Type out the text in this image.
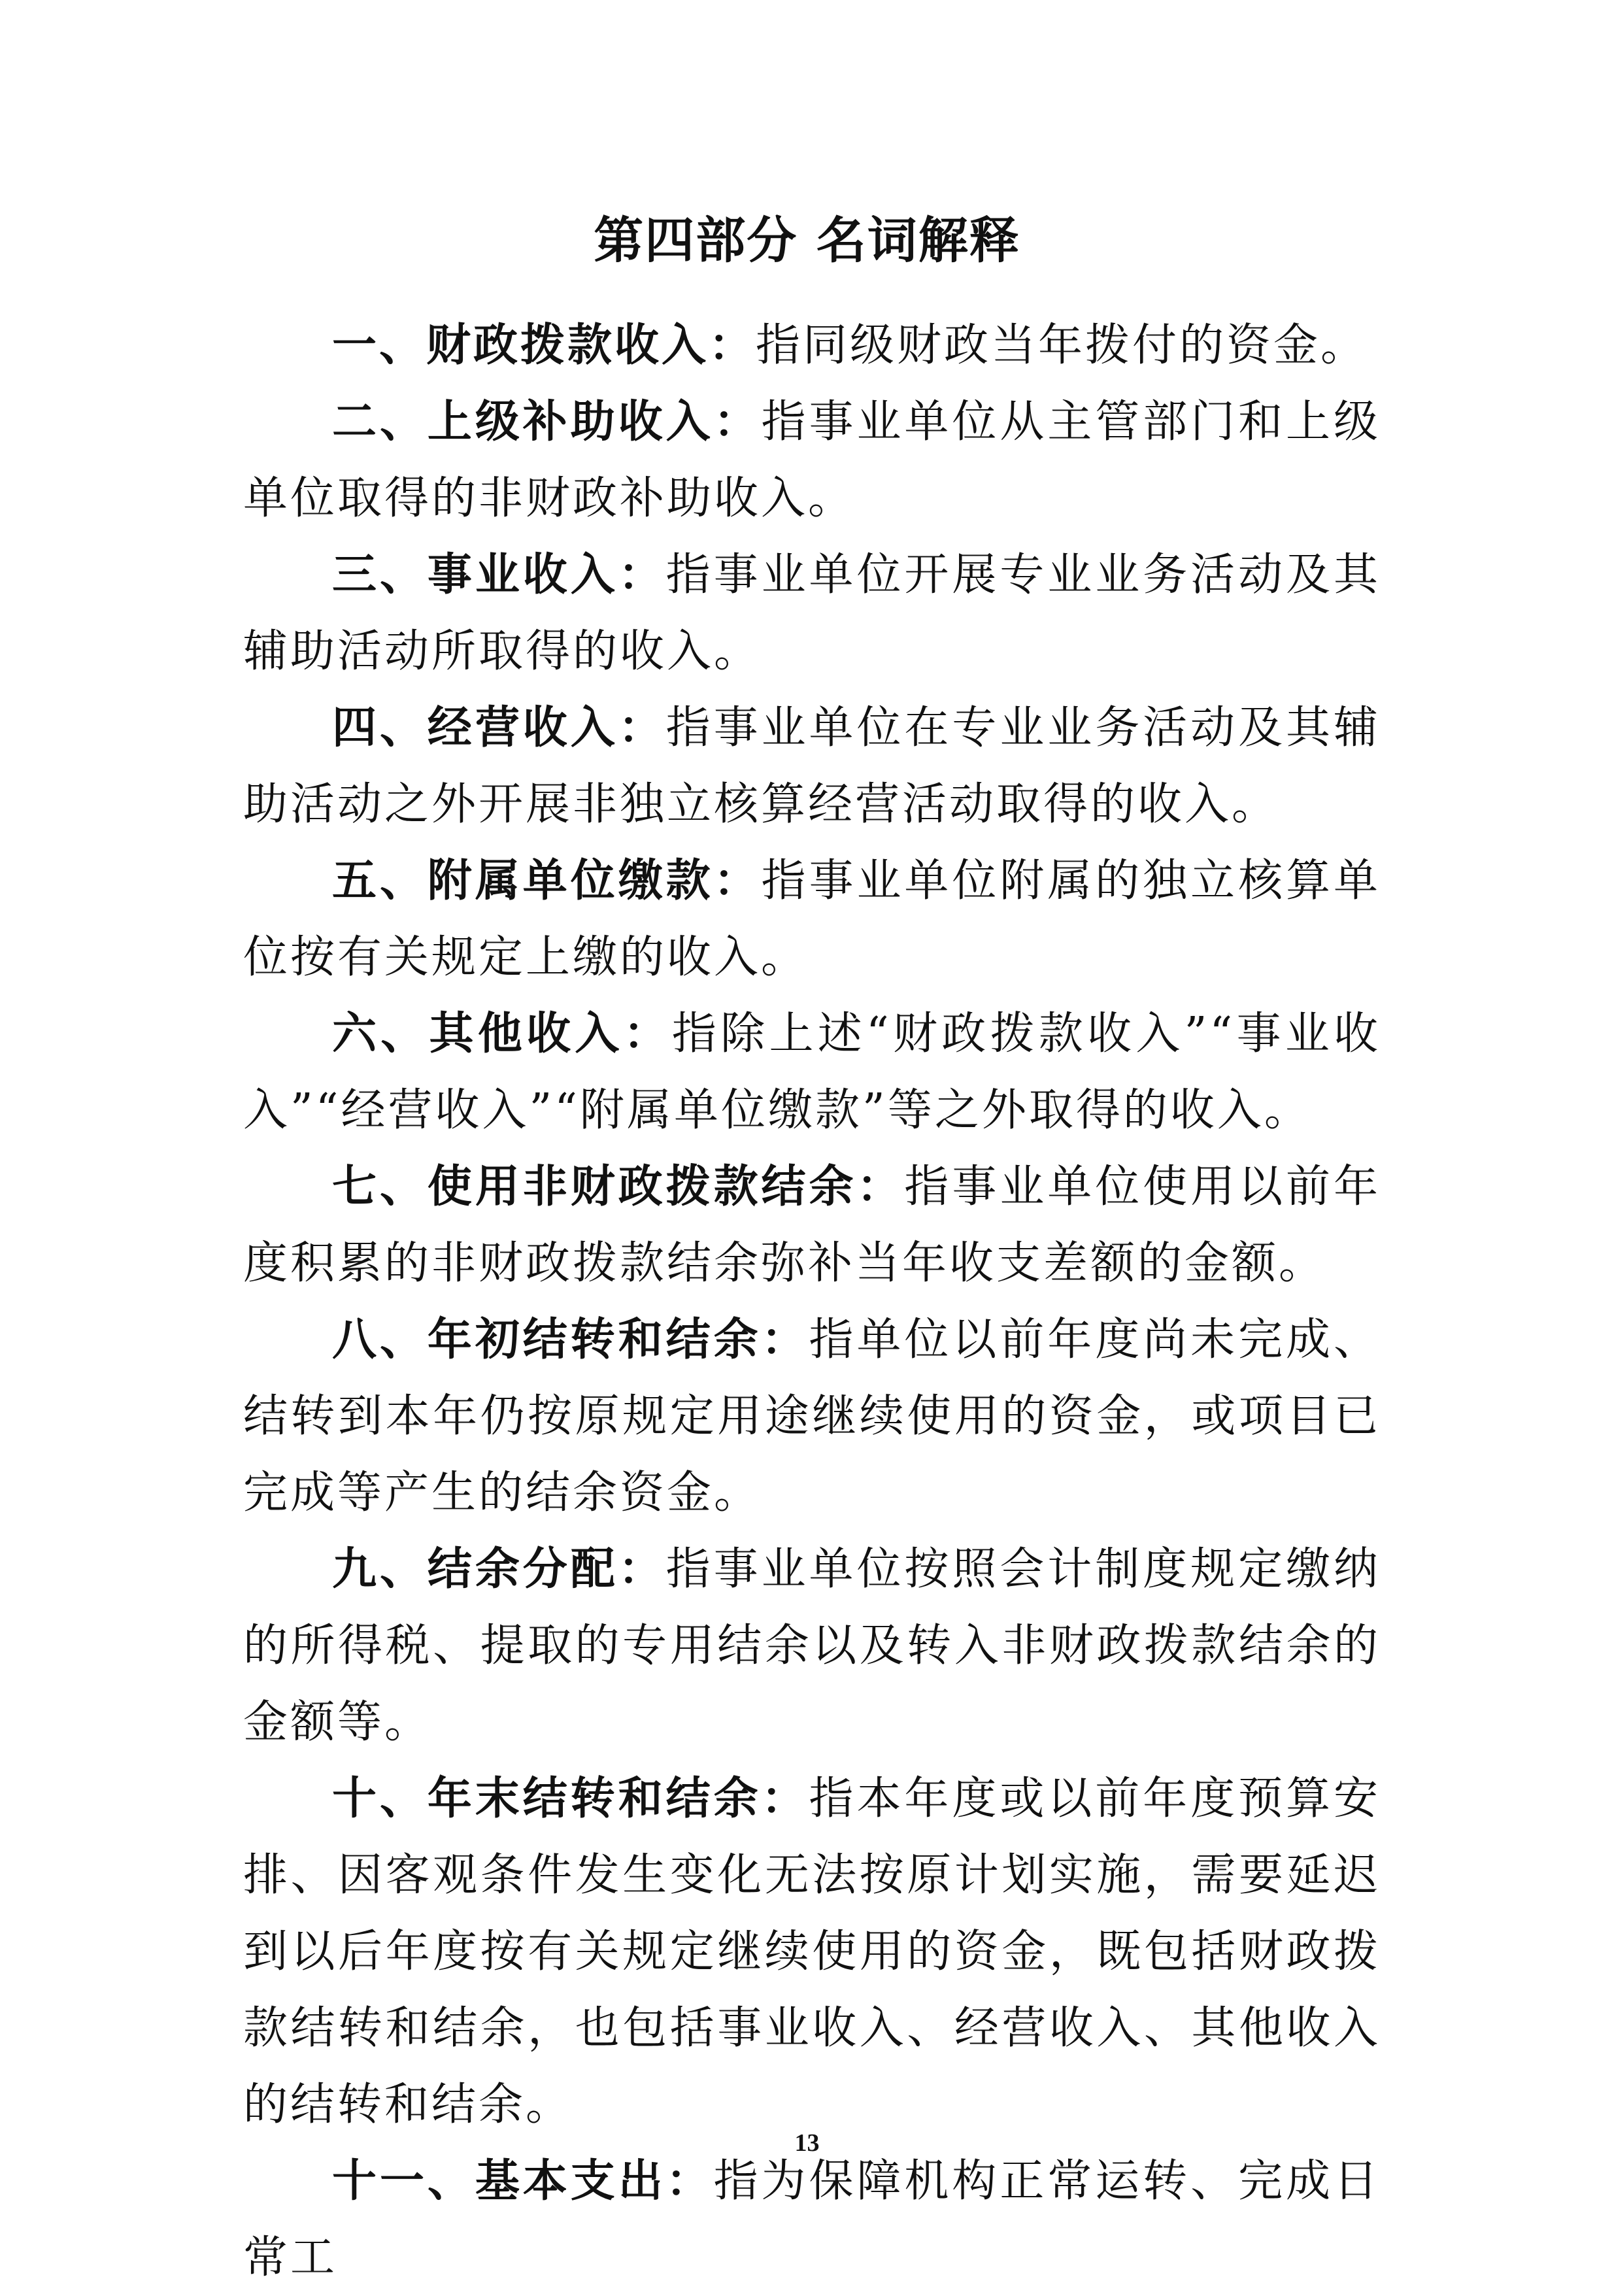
第四部分 名词解释

一、财政拨款收入：指同级财政当年拨付的资金。

二、上级补助收入：指事业单位从主管部门和上级单位取得的非财政补助收入。

三、事业收入：指事业单位开展专业业务活动及其辅助活动所取得的收入。

四、经营收入：指事业单位在专业业务活动及其辅助活动之外开展非独立核算经营活动取得的收入。

五、附属单位缴款：指事业单位附属的独立核算单位按有关规定上缴的收入。

六、其他收入：指除上述“财政拨款收入”“事业收入”“经营收入”“附属单位缴款”等之外取得的收入。

七、使用非财政拨款结余：指事业单位使用以前年度积累的非财政拨款结余弥补当年收支差额的金额。

八、年初结转和结余：指单位以前年度尚未完成、结转到本年仍按原规定用途继续使用的资金，或项目已完成等产生的结余资金。

九、结余分配：指事业单位按照会计制度规定缴纳的所得税、提取的专用结余以及转入非财政拨款结余的金额等。

十、年末结转和结余：指本年度或以前年度预算安排、因客观条件发生变化无法按原计划实施，需要延迟到以后年度按有关规定继续使用的资金，既包括财政拨款结转和结余，也包括事业收入、经营收入、其他收入的结转和结余。

十一、基本支出：指为保障机构正常运转、完成日常工

13
